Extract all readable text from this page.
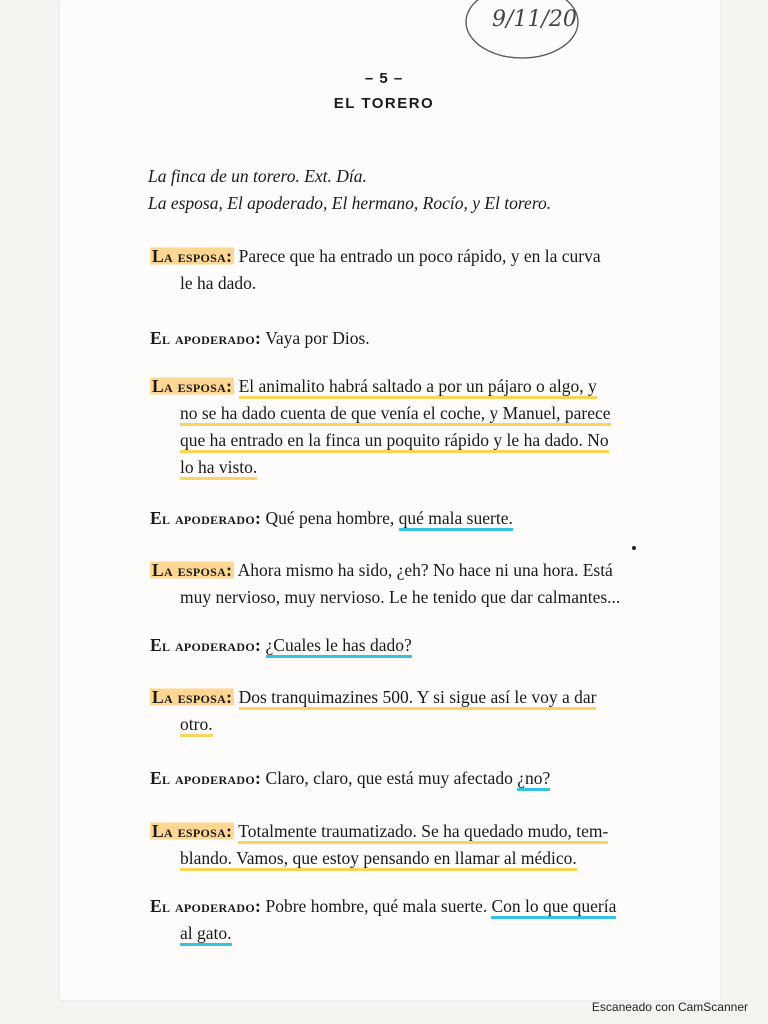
9/11/20
– 5 –
EL TORERO
La finca de un torero. Ext. Día.
La esposa, El apoderado, El hermano, Rocío, y El torero.
La esposa: Parece que ha entrado un poco rápido, y en la curva
le ha dado.
El apoderado: Vaya por Dios.
La esposa: El animalito habrá saltado a por un pájaro o algo, y
no se ha dado cuenta de que venía el coche, y Manuel, parece
que ha entrado en la finca un poquito rápido y le ha dado. No
lo ha visto.
El apoderado: Qué pena hombre, qué mala suerte.
La esposa: Ahora mismo ha sido, ¿eh? No hace ni una hora. Está
muy nervioso, muy nervioso. Le he tenido que dar calmantes...
El apoderado: ¿Cuales le has dado?
La esposa: Dos tranquimazines 500. Y si sigue así le voy a dar
otro.
El apoderado: Claro, claro, que está muy afectado ¿no?
La esposa: Totalmente traumatizado. Se ha quedado mudo, tem-
blando. Vamos, que estoy pensando en llamar al médico.
El apoderado: Pobre hombre, qué mala suerte. Con lo que quería
al gato.
Escaneado con CamScanner
